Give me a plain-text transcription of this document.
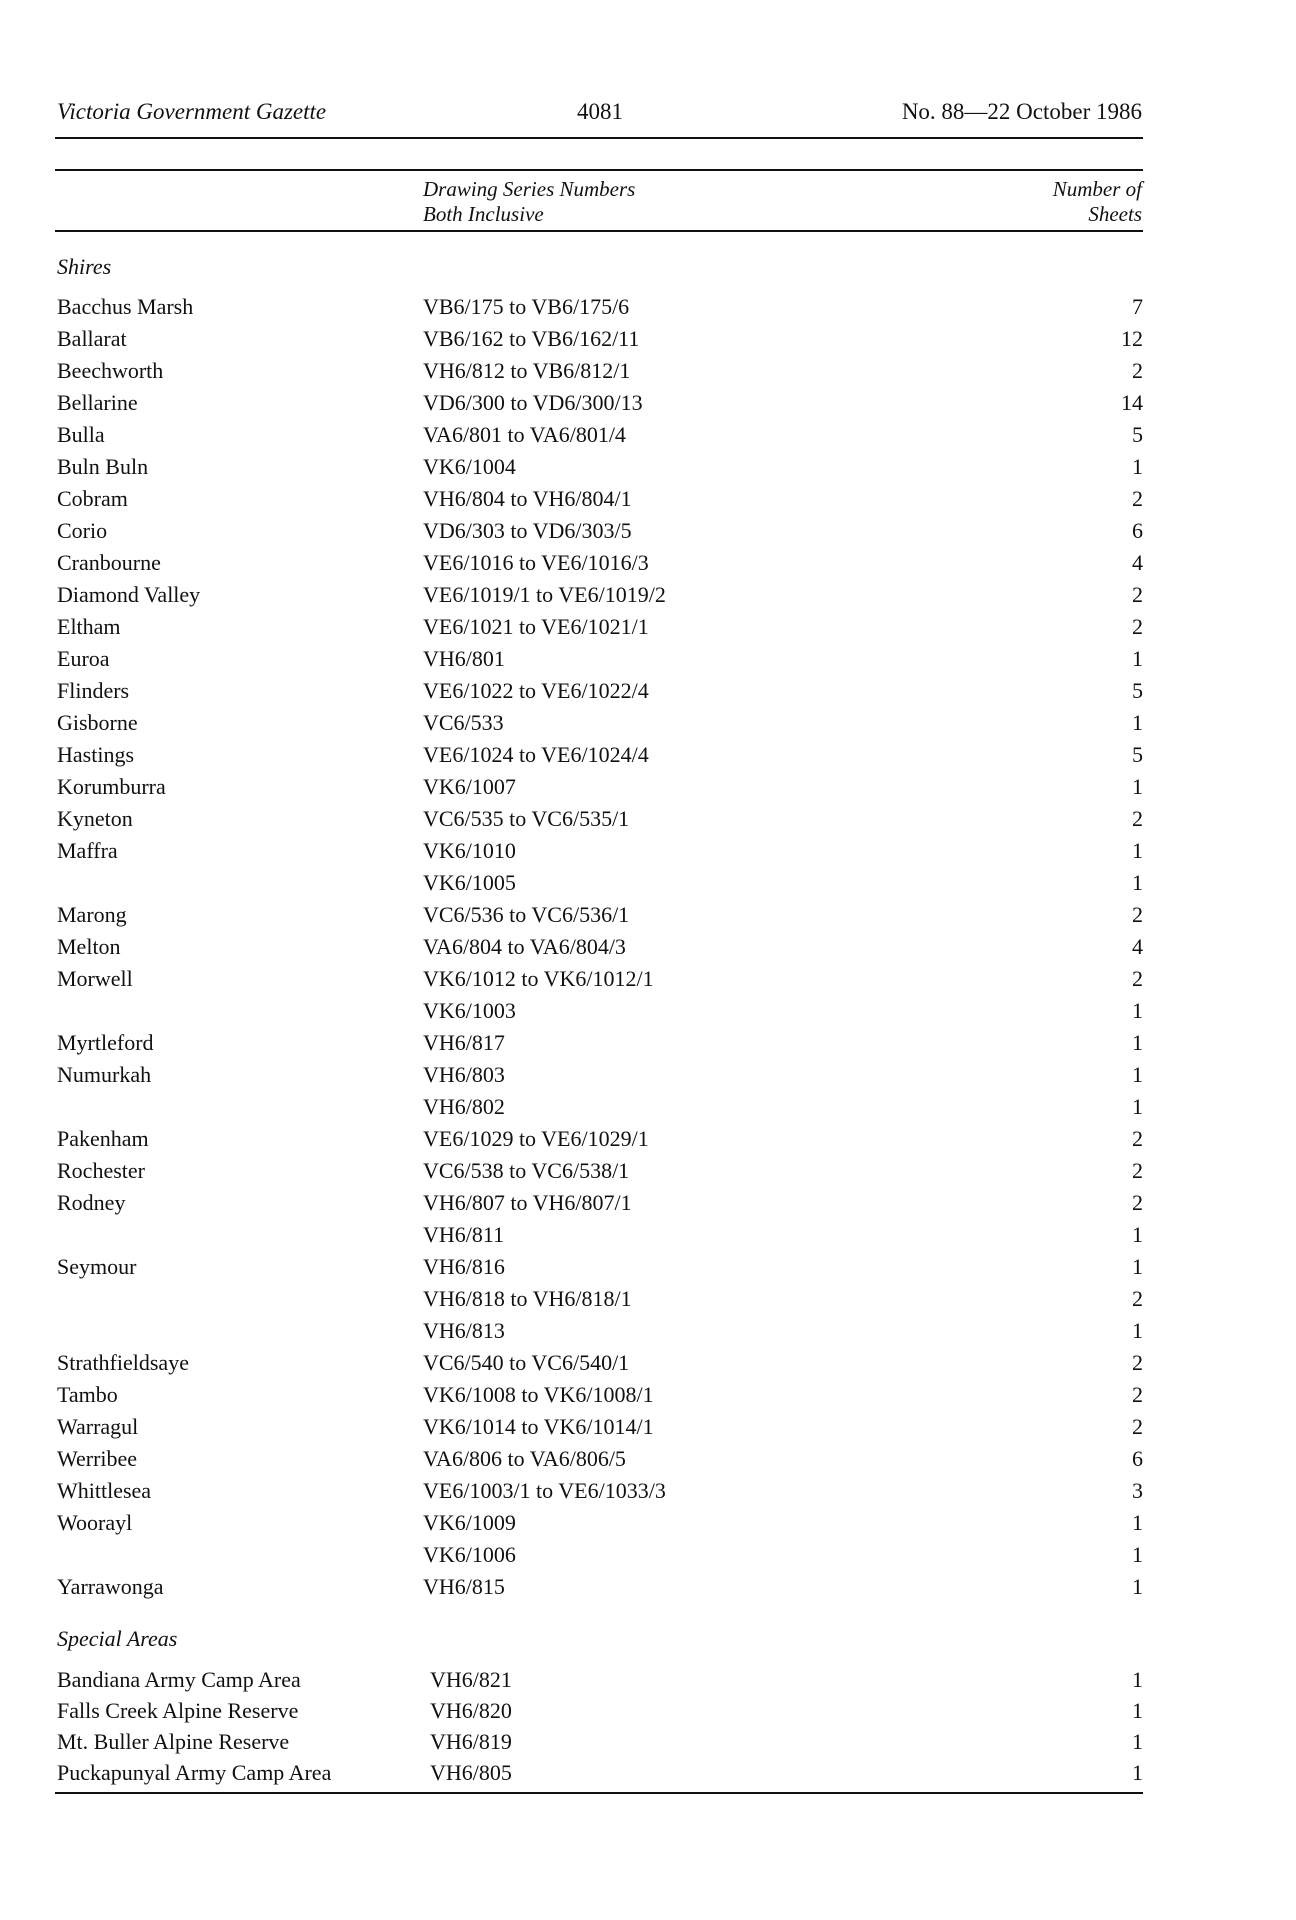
Victoria Government Gazette	4081	No. 88—22 October 1986
Drawing Series Numbers
Both Inclusive
Number of
Sheets
Shires
Bacchus Marsh	VB6/175 to VB6/175/6	7
Ballarat	VB6/162 to VB6/162/11	12
Beechworth	VH6/812 to VB6/812/1	2
Bellarine	VD6/300 to VD6/300/13	14
Bulla	VA6/801 to VA6/801/4	5
Buln Buln	VK6/1004	1
Cobram	VH6/804 to VH6/804/1	2
Corio	VD6/303 to VD6/303/5	6
Cranbourne	VE6/1016 to VE6/1016/3	4
Diamond Valley	VE6/1019/1 to VE6/1019/2	2
Eltham	VE6/1021 to VE6/1021/1	2
Euroa	VH6/801	1
Flinders	VE6/1022 to VE6/1022/4	5
Gisborne	VC6/533	1
Hastings	VE6/1024 to VE6/1024/4	5
Korumburra	VK6/1007	1
Kyneton	VC6/535 to VC6/535/1	2
Maffra	VK6/1010	1
VK6/1005	1
Marong	VC6/536 to VC6/536/1	2
Melton	VA6/804 to VA6/804/3	4
Morwell	VK6/1012 to VK6/1012/1	2
VK6/1003	1
Myrtleford	VH6/817	1
Numurkah	VH6/803	1
VH6/802	1
Pakenham	VE6/1029 to VE6/1029/1	2
Rochester	VC6/538 to VC6/538/1	2
Rodney	VH6/807 to VH6/807/1	2
VH6/811	1
Seymour	VH6/816	1
VH6/818 to VH6/818/1	2
VH6/813	1
Strathfieldsaye	VC6/540 to VC6/540/1	2
Tambo	VK6/1008 to VK6/1008/1	2
Warragul	VK6/1014 to VK6/1014/1	2
Werribee	VA6/806 to VA6/806/5	6
Whittlesea	VE6/1003/1 to VE6/1033/3	3
Woorayl	VK6/1009	1
VK6/1006	1
Yarrawonga	VH6/815	1
Special Areas
Bandiana Army Camp Area	VH6/821	1
Falls Creek Alpine Reserve	VH6/820	1
Mt. Buller Alpine Reserve	VH6/819	1
Puckapunyal Army Camp Area	VH6/805	1
